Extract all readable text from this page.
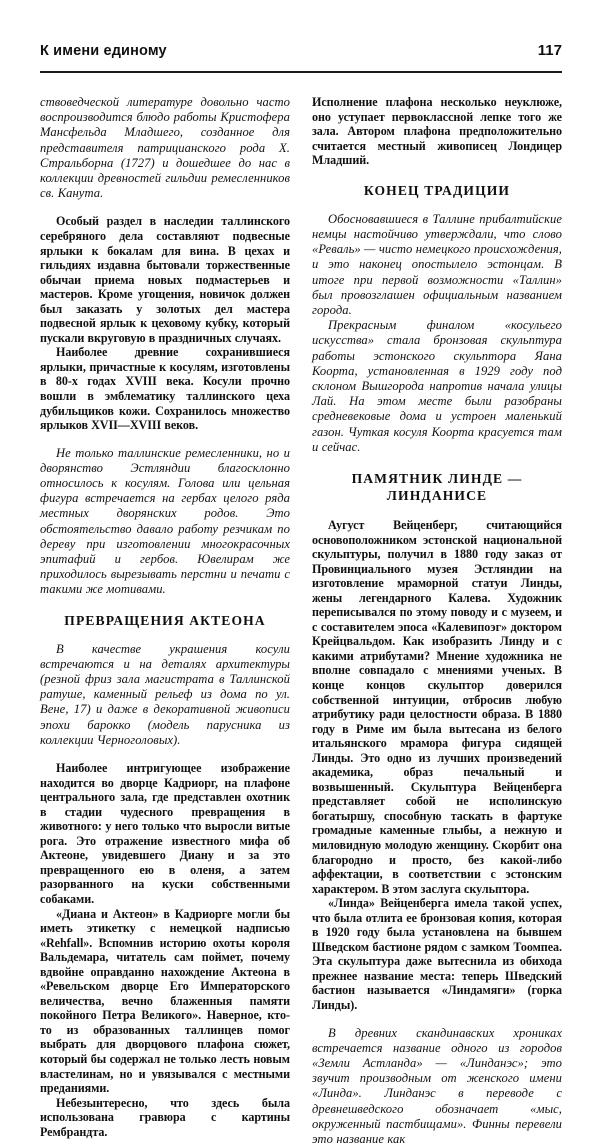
К имени единому	117

ствоведческой литературе довольно часто воспроизводится блюдо работы Кристофера Мансфельда Младшего, созданное для представителя патрицианского рода Х. Стральборна (1727) и дошедшее до нас в коллекции древностей гильдии ремесленников св. Канута.

Особый раздел в наследии таллинского серебряного дела составляют подвесные ярлыки к бокалам для вина. В цехах и гильдиях издавна бытовали торжественные обычаи приема новых подмастерьев и мастеров. Кроме угощения, новичок должен был заказать у золотых дел мастера подвесной ярлык к цеховому кубку, который пускали вкруговую в праздничных случаях.

Наиболее древние сохранившиеся ярлыки, причастные к косулям, изготовлены в 80-х годах XVIII века. Косули прочно вошли в эмблематику таллинского цеха дубильщиков кожи. Сохранилось множество ярлыков XVII—XVIII веков.

Не только таллинские ремесленники, но и дворянство Эстляндии благосклонно относилось к косулям. Голова или цельная фигура встречается на гербах целого ряда местных дворянских родов. Это обстоятельство давало работу резчикам по дереву при изготовлении многокрасочных эпитафий и гербов. Ювелирам же приходилось вырезывать перстни и печати с такими же мотивами.

ПРЕВРАЩЕНИЯ АКТЕОНА

В качестве украшения косули встречаются и на деталях архитектуры (резной фриз зала магистрата в Таллинской ратуше, каменный рельеф из дома по ул. Вене, 17) и даже в декоративной живописи эпохи барокко (модель парусника из коллекции Черноголовых).

Наиболее интригующее изображение находится во дворце Кадриорг, на плафоне центрального зала, где представлен охотник в стадии чудесного превращения в животного: у него только что выросли витые рога. Это отражение известного мифа об Актеоне, увидевшего Диану и за это превращенного ею в оленя, а затем разорванного на куски собственными собаками.

«Диана и Актеон» в Кадриорге могли бы иметь этикетку с немецкой надписью «Rehfall». Вспомнив историю охоты короля Вальдемара, читатель сам поймет, почему вдвойне оправданно нахождение Актеона в «Ревельском дворце Его Императорского величества, вечно блаженныя памяти покойного Петра Великого». Наверное, кто-то из образованных таллинцев помог выбрать для дворцового плафона сюжет, который бы содержал не только лесть новым властелинам, но и увязывался с местными преданиями.

Небезынтересно, что здесь была использована гравюра с картины Рембрандта.

Исполнение плафона несколько неуклюже, оно уступает первоклассной лепке того же зала. Автором плафона предположительно считается местный живописец Лондицер Младший.

КОНЕЦ ТРАДИЦИИ

Обосновавшиеся в Таллине прибалтийские немцы настойчиво утверждали, что слово «Реваль» — чисто немецкого происхождения, и это наконец опостылело эстонцам. В итоге при первой возможности «Таллин» был провозглашен официальным названием города.

Прекрасным финалом «косульего искусства» стала бронзовая скульптура работы эстонского скульптора Яана Коорта, установленная в 1929 году под склоном Вышгорода напротив начала улицы Лай. На этом месте были разобраны средневековые дома и устроен маленький газон. Чуткая косуля Коорта красуется там и сейчас.

ПАМЯТНИК ЛИНДЕ —
ЛИНДАНИСЕ

Аугуст Вейценберг, считающийся основоположником эстонской национальной скульптуры, получил в 1880 году заказ от Провинциального музея Эстляндии на изготовление мраморной статуи Линды, жены легендарного Калева. Художник переписывался по этому поводу и с музеем, и с составителем эпоса «Калевипоэг» доктором Крейцвальдом. Как изобразить Линду и с какими атрибутами? Мнение художника не вполне совпадало с мнениями ученых. В конце концов скульптор доверился собственной интуиции, отбросив любую атрибутику ради целостности образа. В 1880 году в Риме им была вытесана из белого итальянского мрамора фигура сидящей Линды. Это одно из лучших произведений академика, образ печальный и возвышенный. Скульптура Вейценберга представляет собой не исполинскую богатыршу, способную таскать в фартуке громадные каменные глыбы, а нежную и миловидную молодую женщину. Скорбит она благородно и просто, без какой-либо аффектации, в соответствии с эстонским характером. В этом заслуга скульптора.

«Линда» Вейценберга имела такой успех, что была отлита ее бронзовая копия, которая в 1920 году была установлена на бывшем Шведском бастионе рядом с замком Тоомпеа. Эта скульптура даже вытеснила из обихода прежнее название места: теперь Шведский бастион называется «Линдамяги» (горка Линды).

В древних скандинавских хрониках встречается название одного из городов «Земли Астланда» — «Линданэс»; это звучит производным от женского имени «Линда». Линданэс в переводе с древнешведского обозначает «мыс, окруженный пастбищами». Финны перевели это название как
